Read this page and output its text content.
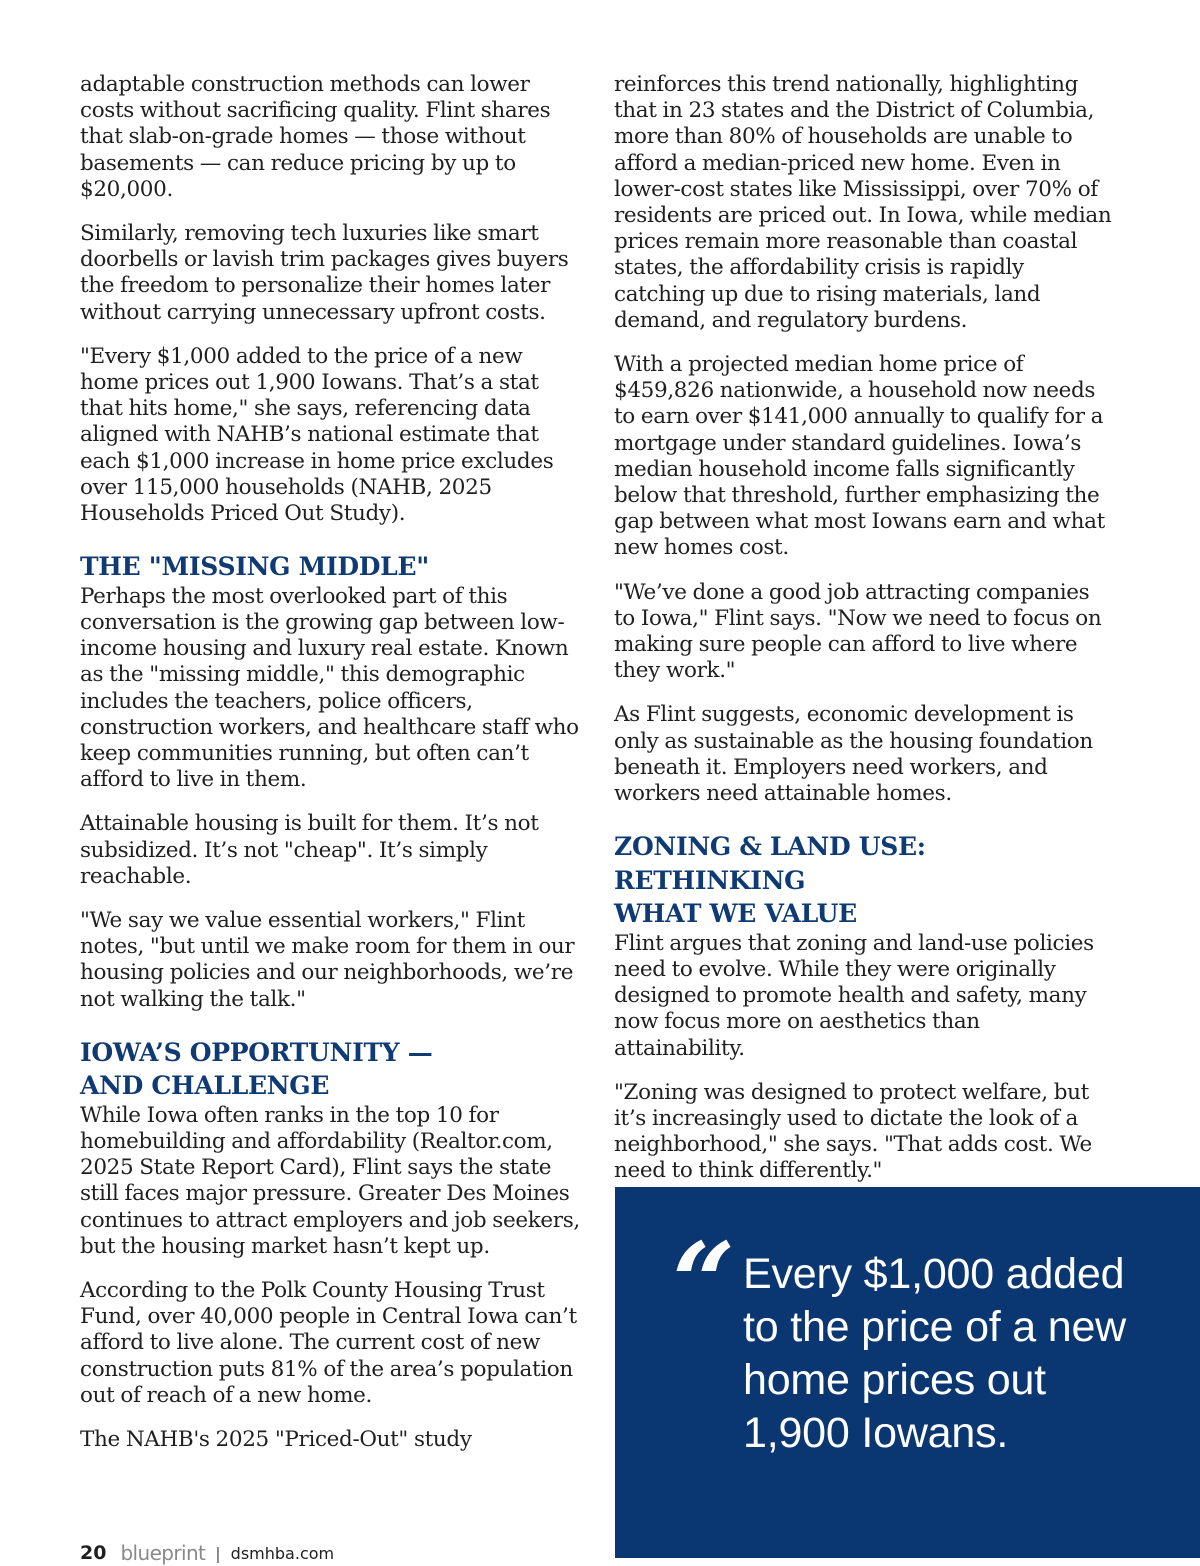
adaptable construction methods can lower costs without sacrificing quality. Flint shares that slab-on-grade homes — those without basements — can reduce pricing by up to $20,000.

Similarly, removing tech luxuries like smart doorbells or lavish trim packages gives buyers the freedom to personalize their homes later without carrying unnecessary upfront costs.

"Every $1,000 added to the price of a new home prices out 1,900 Iowans. That’s a stat that hits home," she says, referencing data aligned with NAHB’s national estimate that each $1,000 increase in home price excludes over 115,000 households (NAHB, 2025 Households Priced Out Study).

THE "MISSING MIDDLE"

Perhaps the most overlooked part of this conversation is the growing gap between low-income housing and luxury real estate. Known as the "missing middle," this demographic includes the teachers, police officers, construction workers, and healthcare staff who keep communities running, but often can’t afford to live in them.

Attainable housing is built for them. It’s not subsidized. It’s not "cheap". It’s simply reachable.

"We say we value essential workers," Flint notes, "but until we make room for them in our housing policies and our neighborhoods, we’re not walking the talk."

IOWA’S OPPORTUNITY —
AND CHALLENGE

While Iowa often ranks in the top 10 for homebuilding and affordability (Realtor.com, 2025 State Report Card), Flint says the state still faces major pressure. Greater Des Moines continues to attract employers and job seekers, but the housing market hasn’t kept up.

According to the Polk County Housing Trust Fund, over 40,000 people in Central Iowa can’t afford to live alone. The current cost of new construction puts 81% of the area’s population out of reach of a new home.

The NAHB's 2025 "Priced-Out" study

reinforces this trend nationally, highlighting that in 23 states and the District of Columbia, more than 80% of households are unable to afford a median-priced new home. Even in lower-cost states like Mississippi, over 70% of residents are priced out. In Iowa, while median prices remain more reasonable than coastal states, the affordability crisis is rapidly catching up due to rising materials, land demand, and regulatory burdens.

With a projected median home price of $459,826 nationwide, a household now needs to earn over $141,000 annually to qualify for a mortgage under standard guidelines. Iowa’s median household income falls significantly below that threshold, further emphasizing the gap between what most Iowans earn and what new homes cost.

"We’ve done a good job attracting companies to Iowa," Flint says. "Now we need to focus on making sure people can afford to live where they work."

As Flint suggests, economic development is only as sustainable as the housing foundation beneath it. Employers need workers, and workers need attainable homes.

ZONING & LAND USE: RETHINKING
WHAT WE VALUE

Flint argues that zoning and land-use policies need to evolve. While they were originally designed to promote health and safety, many now focus more on aesthetics than attainability.

"Zoning was designed to protect welfare, but it’s increasingly used to dictate the look of a neighborhood," she says. "That adds cost. We need to think differently."

“ Every $1,000 added to the price of a new home prices out 1,900 Iowans.
20 blueprint | dsmhba.com
